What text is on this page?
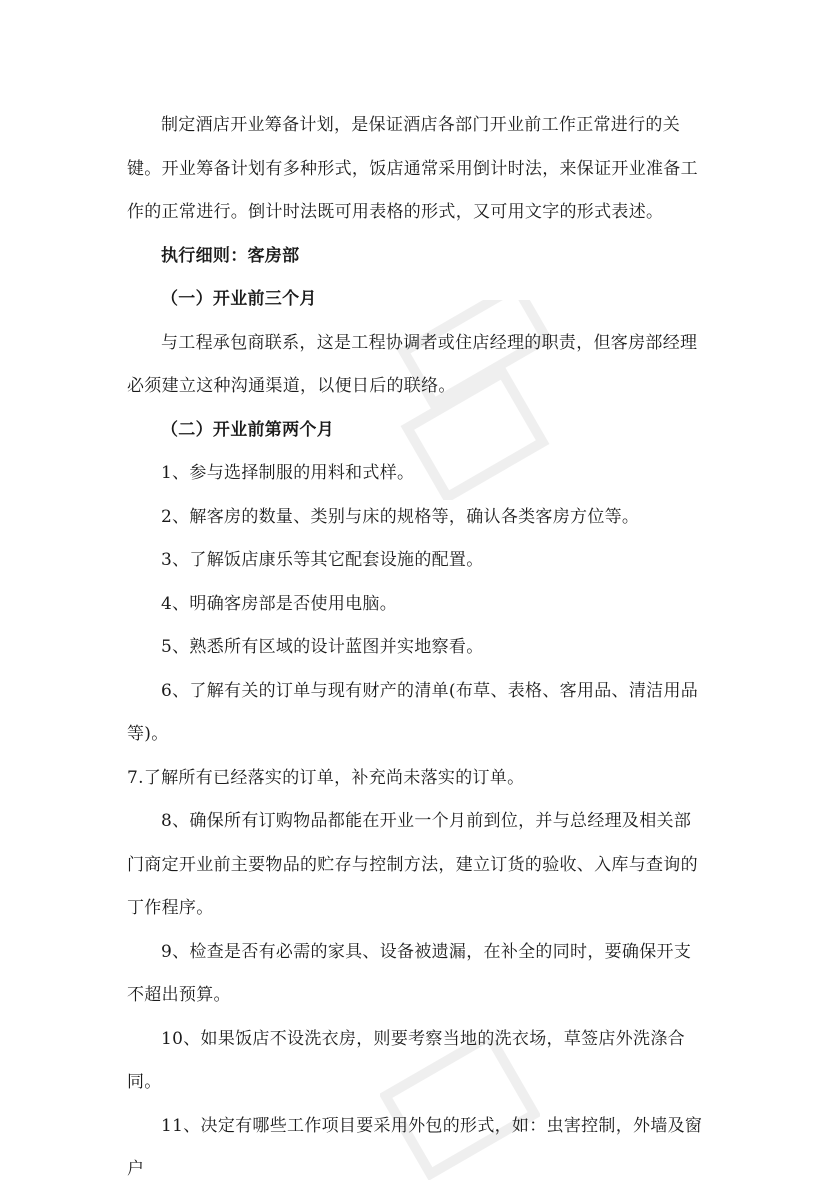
制定酒店开业筹备计划，是保证酒店各部门开业前工作正常进行的关键。开业筹备计划有多种形式，饭店通常采用倒计时法，来保证开业准备工作的正常进行。倒计时法既可用表格的形式，又可用文字的形式表述。

执行细则：客房部

（一）开业前三个月

与工程承包商联系，这是工程协调者或住店经理的职责，但客房部经理必须建立这种沟通渠道，以便日后的联络。

（二）开业前第两个月

1、参与选择制服的用料和式样。

2、解客房的数量、类别与床的规格等，确认各类客房方位等。

3、了解饭店康乐等其它配套设施的配置。

4、明确客房部是否使用电脑。

5、熟悉所有区域的设计蓝图并实地察看。

6、了解有关的订单与现有财产的清单(布草、表格、客用品、清洁用品等)。

7.了解所有已经落实的订单，补充尚未落实的订单。

8、确保所有订购物品都能在开业一个月前到位，并与总经理及相关部门商定开业前主要物品的贮存与控制方法，建立订货的验收、入库与查询的丁作程序。

9、检查是否有必需的家具、设备被遗漏，在补全的同时，要确保开支不超出预算。

10、如果饭店不设洗衣房，则要考察当地的洗衣场，草签店外洗涤合同。

11、决定有哪些工作项目要采用外包的形式，如：虫害控制，外墙及窗户
